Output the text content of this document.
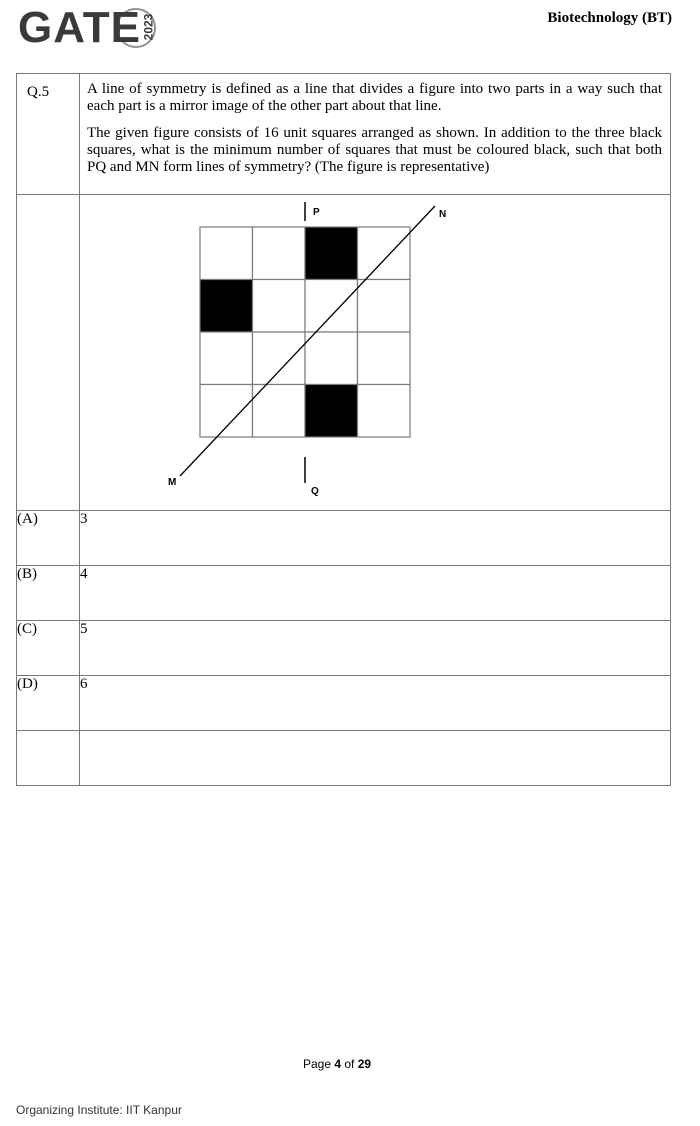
GATE 2023	Biotechnology (BT)
Q.5	A line of symmetry is defined as a line that divides a figure into two parts in a way such that each part is a mirror image of the other part about that line.

The given figure consists of 16 unit squares arranged as shown. In addition to the three black squares, what is the minimum number of squares that must be coloured black, such that both PQ and MN form lines of symmetry? (The figure is representative)

P
Q
M
N

(A)	3
(B)	4
(C)	5
(D)	6

Page 4 of 29
Organizing Institute: IIT Kanpur
